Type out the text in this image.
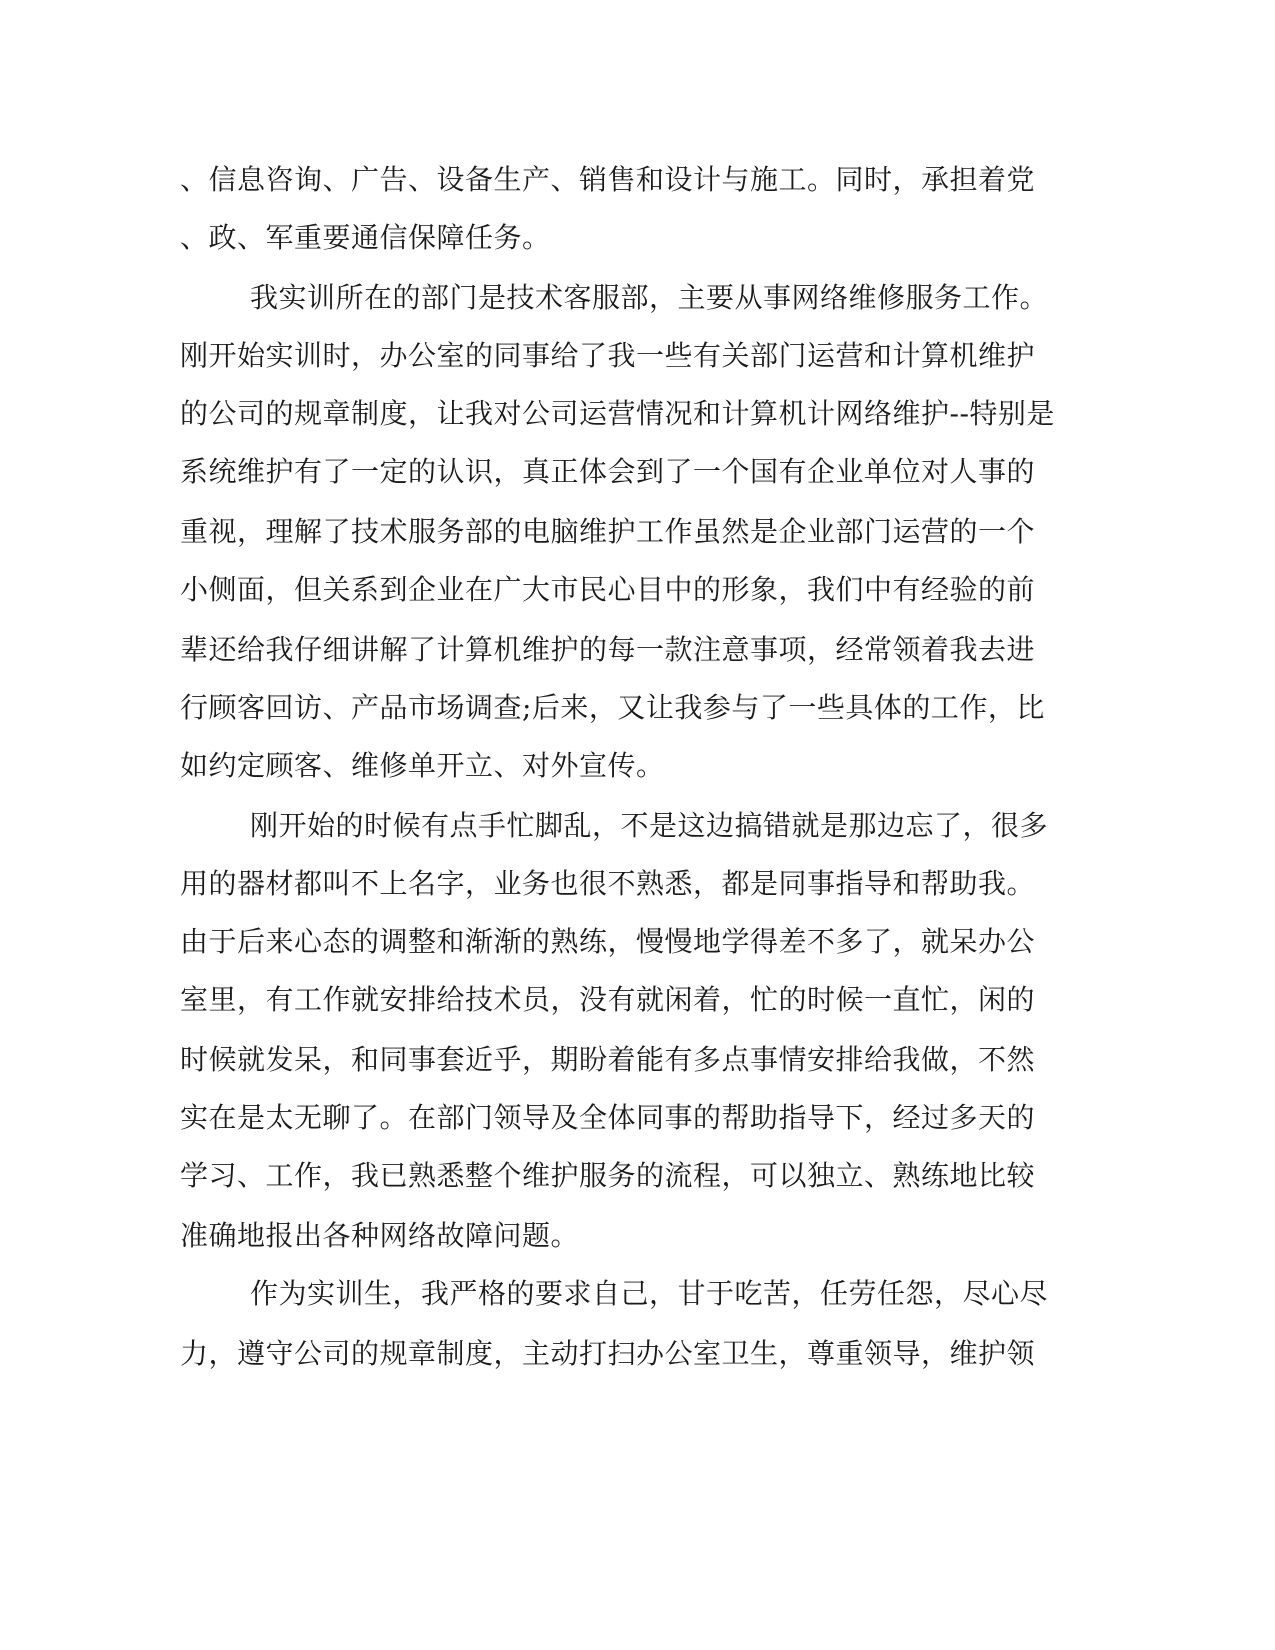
、信息咨询、广告、设备生产、销售和设计与施工。同时，承担着党
、政、军重要通信保障任务。
我实训所在的部门是技术客服部，主要从事网络维修服务工作。
刚开始实训时，办公室的同事给了我一些有关部门运营和计算机维护
的公司的规章制度，让我对公司运营情况和计算机计网络维护--特别是
系统维护有了一定的认识，真正体会到了一个国有企业单位对人事的
重视，理解了技术服务部的电脑维护工作虽然是企业部门运营的一个
小侧面，但关系到企业在广大市民心目中的形象，我们中有经验的前
辈还给我仔细讲解了计算机维护的每一款注意事项，经常领着我去进
行顾客回访、产品市场调查;后来，又让我参与了一些具体的工作，比
如约定顾客、维修单开立、对外宣传。
刚开始的时候有点手忙脚乱，不是这边搞错就是那边忘了，很多
用的器材都叫不上名字，业务也很不熟悉，都是同事指导和帮助我。
由于后来心态的调整和渐渐的熟练，慢慢地学得差不多了，就呆办公
室里，有工作就安排给技术员，没有就闲着，忙的时候一直忙，闲的
时候就发呆，和同事套近乎，期盼着能有多点事情安排给我做，不然
实在是太无聊了。在部门领导及全体同事的帮助指导下，经过多天的
学习、工作，我已熟悉整个维护服务的流程，可以独立、熟练地比较
准确地报出各种网络故障问题。
作为实训生，我严格的要求自己，甘于吃苦，任劳任怨，尽心尽
力，遵守公司的规章制度，主动打扫办公室卫生，尊重领导，维护领
